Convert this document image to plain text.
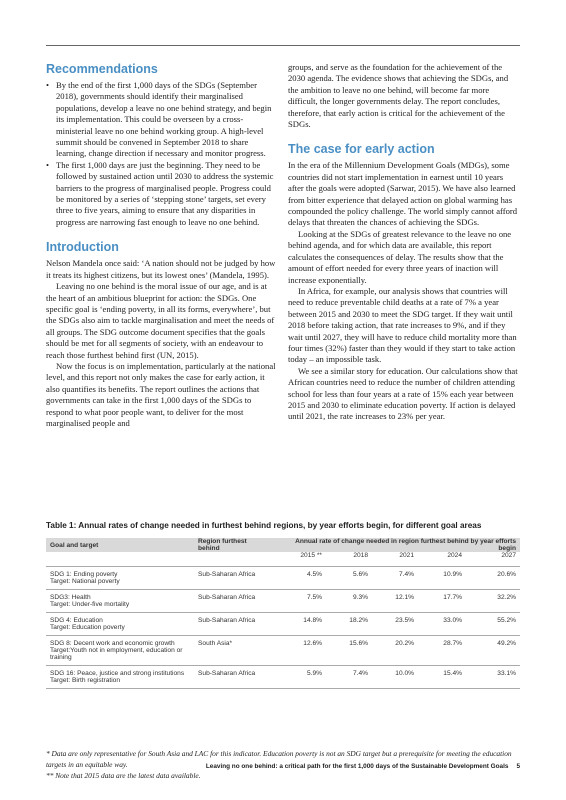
Recommendations
• By the end of the first 1,000 days of the SDGs (September 2018), governments should identify their marginalised populations, develop a leave no one behind strategy, and begin its implementation. This could be overseen by a cross-ministerial leave no one behind working group. A high-level summit should be convened in September 2018 to share learning, change direction if necessary and monitor progress.
• The first 1,000 days are just the beginning. They need to be followed by sustained action until 2030 to address the systemic barriers to the progress of marginalised people. Progress could be monitored by a series of ‘stepping stone’ targets, set every three to five years, aiming to ensure that any disparities in progress are narrowing fast enough to leave no one behind.
Introduction

Nelson Mandela once said: ‘A nation should not be judged by how it treats its highest citizens, but its lowest ones’ (Mandela, 1995).

Leaving no one behind is the moral issue of our age, and is at the heart of an ambitious blueprint for action: the SDGs. One specific goal is ‘ending poverty, in all its forms, everywhere’, but the SDGs also aim to tackle marginalisation and meet the needs of all groups. The SDG outcome document specifies that the goals should be met for all segments of society, with an endeavour to reach those furthest behind first (UN, 2015).

Now the focus is on implementation, particularly at the national level, and this report not only makes the case for early action, it also quantifies its benefits. The report outlines the actions that governments can take in the first 1,000 days of the SDGs to respond to what poor people want, to deliver for the most marginalised people and

groups, and serve as the foundation for the achievement of the 2030 agenda. The evidence shows that achieving the SDGs, and the ambition to leave no one behind, will become far more difficult, the longer governments delay. The report concludes, therefore, that early action is critical for the achievement of the SDGs.

The case for early action

In the era of the Millennium Development Goals (MDGs), some countries did not start implementation in earnest until 10 years after the goals were adopted (Sarwar, 2015). We have also learned from bitter experience that delayed action on global warming has compounded the policy challenge. The world simply cannot afford delays that threaten the chances of achieving the SDGs.

Looking at the SDGs of greatest relevance to the leave no one behind agenda, and for which data are available, this report calculates the consequences of delay. The results show that the amount of effort needed for every three years of inaction will increase exponentially.

In Africa, for example, our analysis shows that countries will need to reduce preventable child deaths at a rate of 7% a year between 2015 and 2030 to meet the SDG target. If they wait until 2018 before taking action, that rate increases to 9%, and if they wait until 2027, they will have to reduce child mortality more than four times (32%) faster than they would if they start to take action today – an impossible task.

We see a similar story for education. Our calculations show that African countries need to reduce the number of children attending school for less than four years at a rate of 15% each year between 2015 and 2030 to eliminate education poverty. If action is delayed until 2021, the rate increases to 23% per year.

Table 1: Annual rates of change needed in furthest behind regions, by year efforts begin, for different goal areas
Goal and target	Region furthest behind	Annual rate of change needed in region furthest behind by year efforts begin				
		2015 **	2018	2021	2024	2027

SDG 1: Ending poverty
Target: National poverty	Sub-Saharan Africa	4.5%	5.6%	7.4%	10.9%	20.6%

SDG3: Health
Target: Under-five mortality	Sub-Saharan Africa	7.5%	9.3%	12.1%	17.7%	32.2%

SDG 4: Education
Target: Education poverty	Sub-Saharan Africa	14.8%	18.2%	23.5%	33.0%	55.2%

SDG 8: Decent work and economic growth
Target:Youth not in employment, education or training	South Asia*	12.6%	15.6%	20.2%	28.7%	49.2%

SDG 16: Peace, justice and strong institutions
Target: Birth registration	Sub-Saharan Africa	5.9%	7.4%	10.0%	15.4%	33.1%
* Data are only representative for South Asia and LAC for this indicator. Education poverty is not an SDG target but a prerequisite for meeting the education targets in an equitable way.
** Note that 2015 data are the latest data available.
Leaving no one behind: a critical path for the first 1,000 days of the Sustainable Development Goals 5
